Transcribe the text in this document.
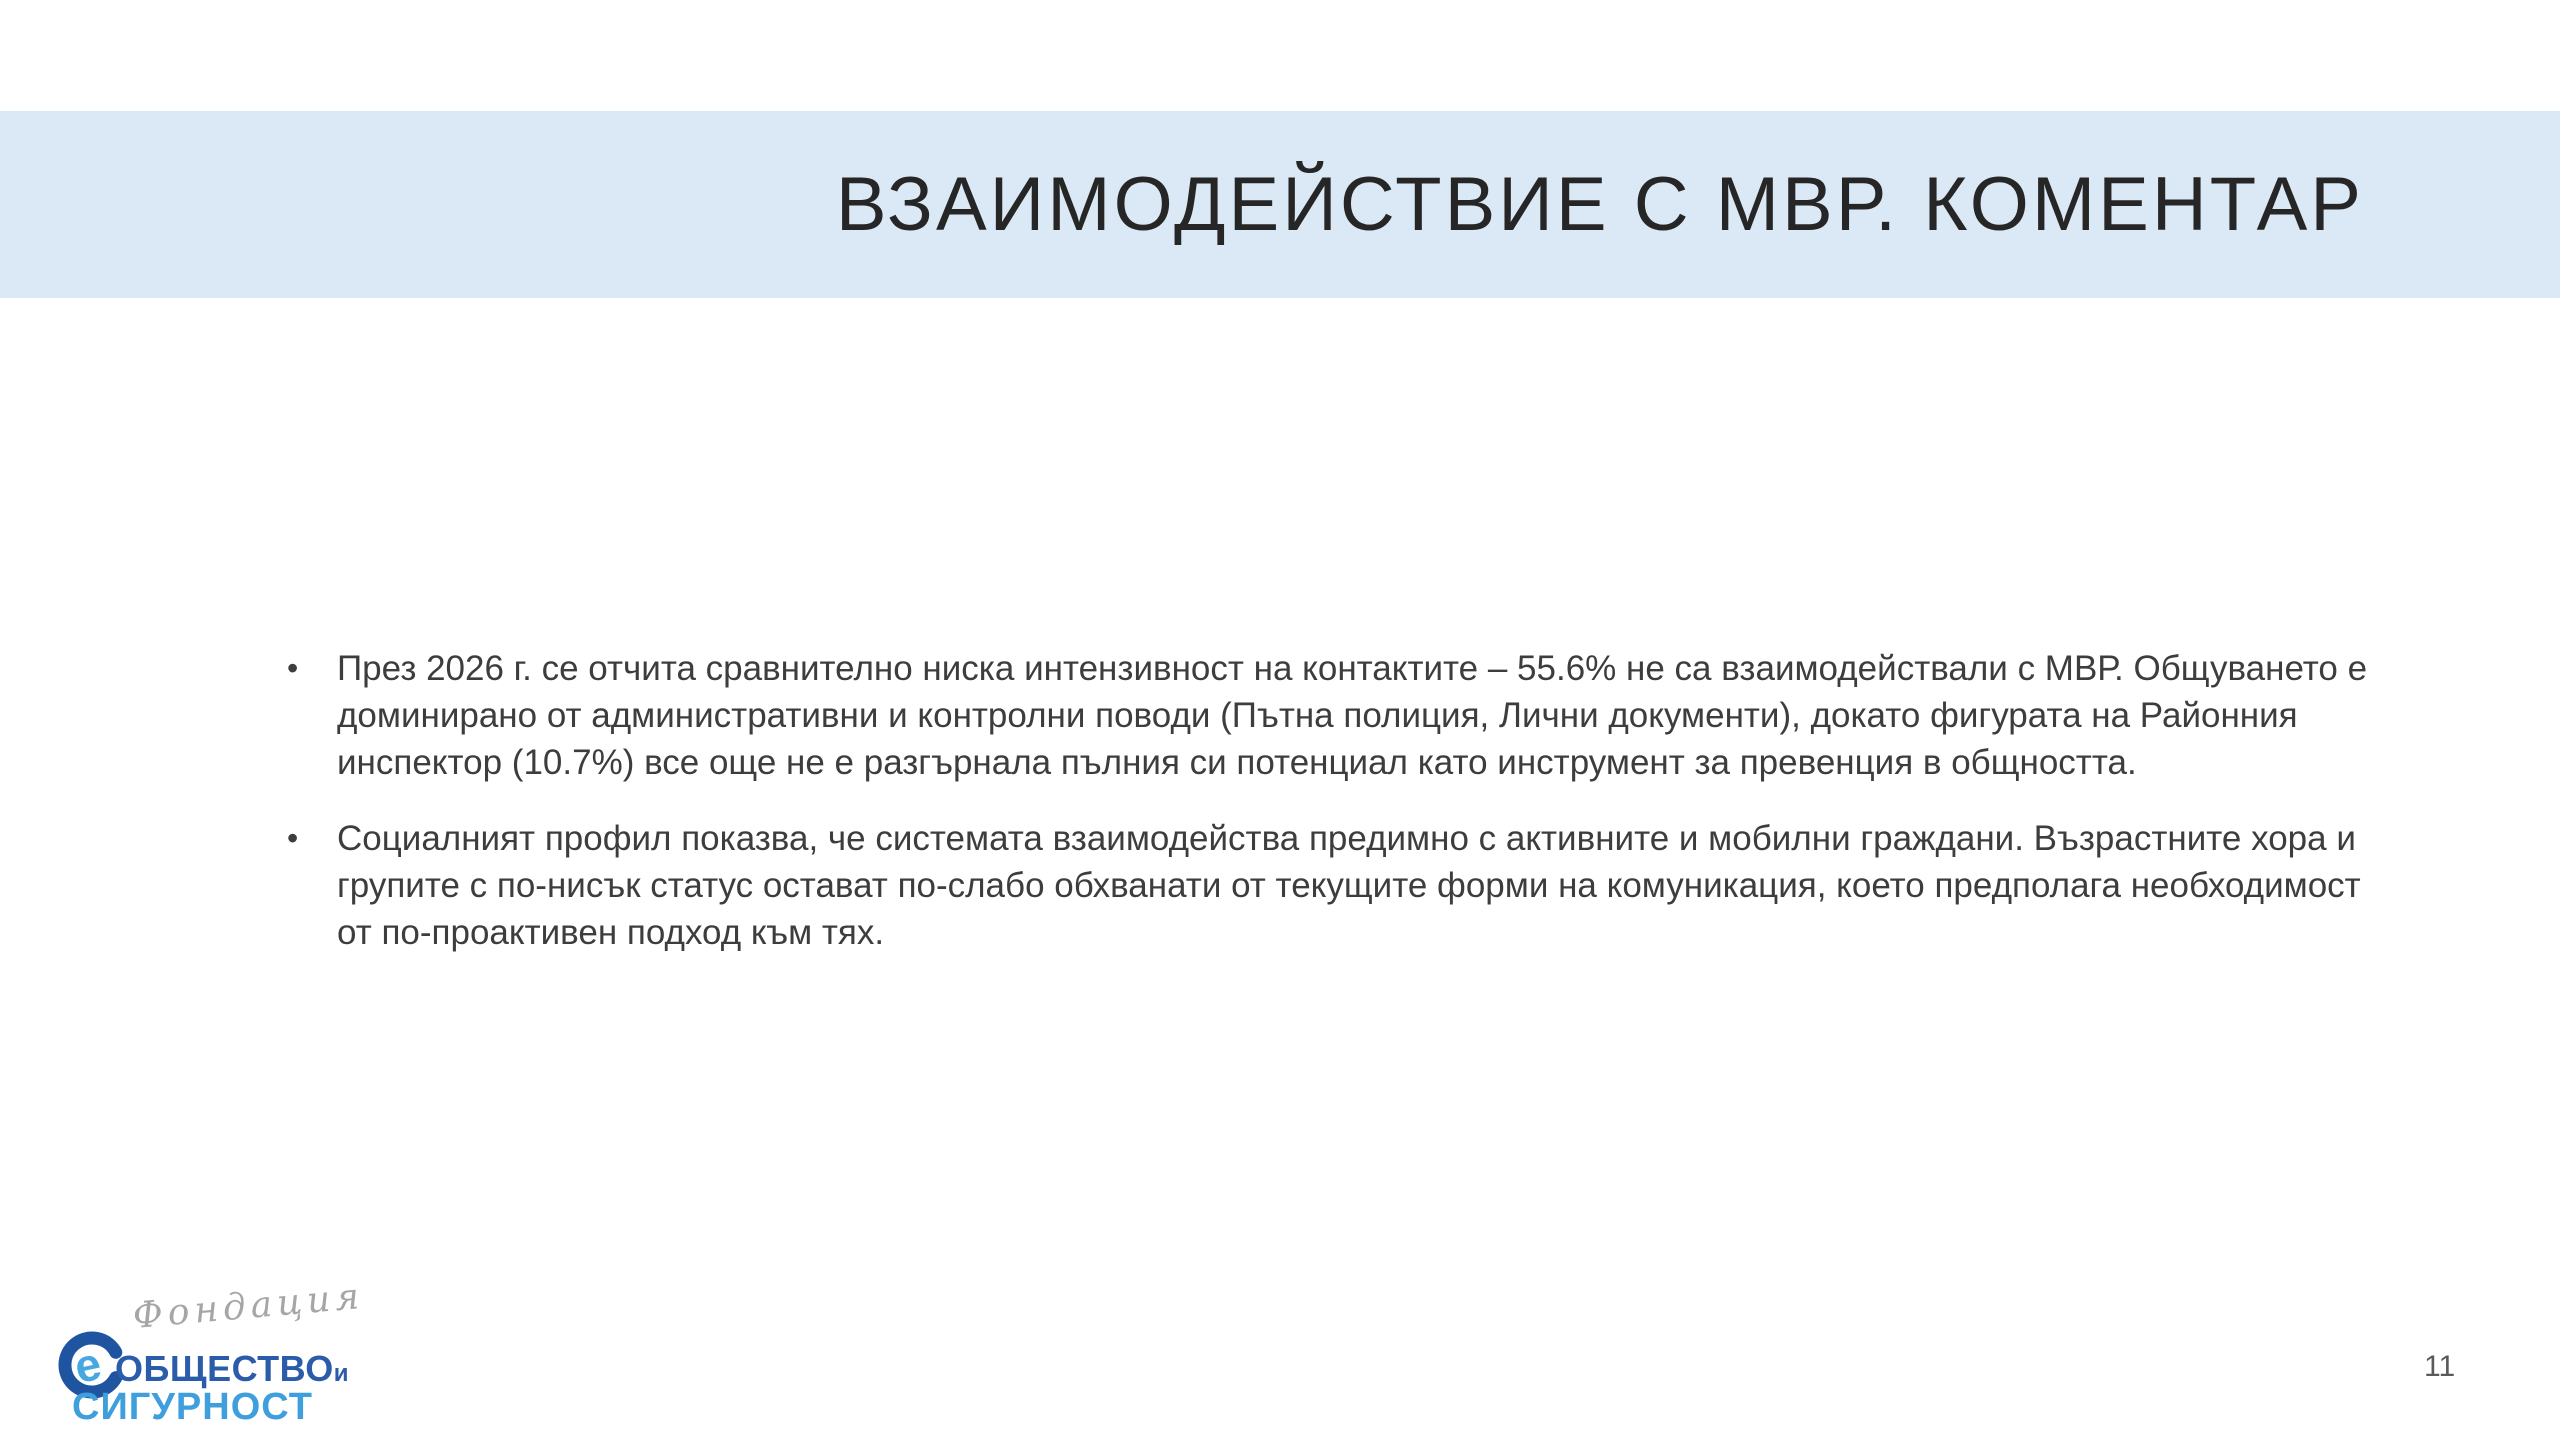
ВЗАИМОДЕЙСТВИЕ С МВР. КОМЕНТАР
•	През 2026 г. се отчита сравнително ниска интензивност на контактите – 55.6% не са взаимодействали с МВР. Общуването е доминирано от административни и контролни поводи (Пътна полиция, Лични документи), докато фигурата на Районния инспектор (10.7%) все още не е разгърнала пълния си потенциал като инструмент за превенция в общността.

•	Социалният профил показва, че системата взаимодейства предимно с активните и мобилни граждани. Възрастните хора и групите с по-нисък статус остават по-слабо обхванати от текущите форми на комуникация, което предполага необходимост от по-проактивен подход към тях.

Фондация
е ОБЩЕСТВОи
СИГУРНОСТ
11
